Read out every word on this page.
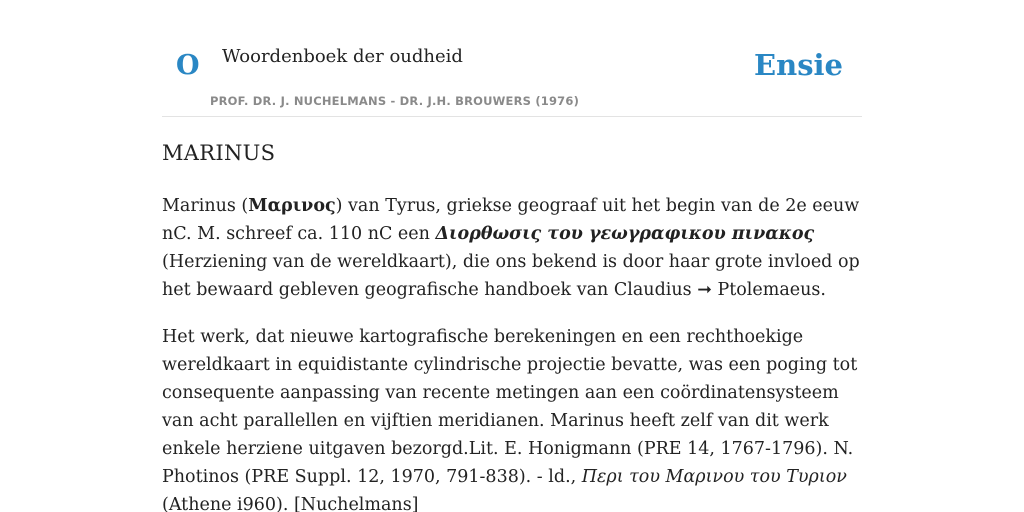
O Woordenboek der oudheid
PROF. DR. J. NUCHELMANS - DR. J.H. BROUWERS (1976)
Ensie
MARINUS

Marinus (Μαρινος) van Tyrus, griekse geograaf uit het begin van de 2e eeuw nC. M. schreef ca. 110 nC een Διορθωσις του γεωγραφικου πινακος (Herziening van de wereldkaart), die ons bekend is door haar grote invloed op het bewaard gebleven geografische handboek van Claudius ➞ Ptolemaeus.

Het werk, dat nieuwe kartografische berekeningen en een rechthoekige wereldkaart in equidistante cylindrische projectie bevatte, was een poging tot consequente aanpassing van recente metingen aan een coördinatensysteem van acht parallellen en vijftien meridianen. Marinus heeft zelf van dit werk enkele herziene uitgaven bezorgd.Lit. E. Honigmann (PRE 14, 1767-1796). N. Photinos (PRE Suppl. 12, 1970, 791-838). - ld., Περι του Μαρινου του Τυριον (Athene i960). [Nuchelmans]
